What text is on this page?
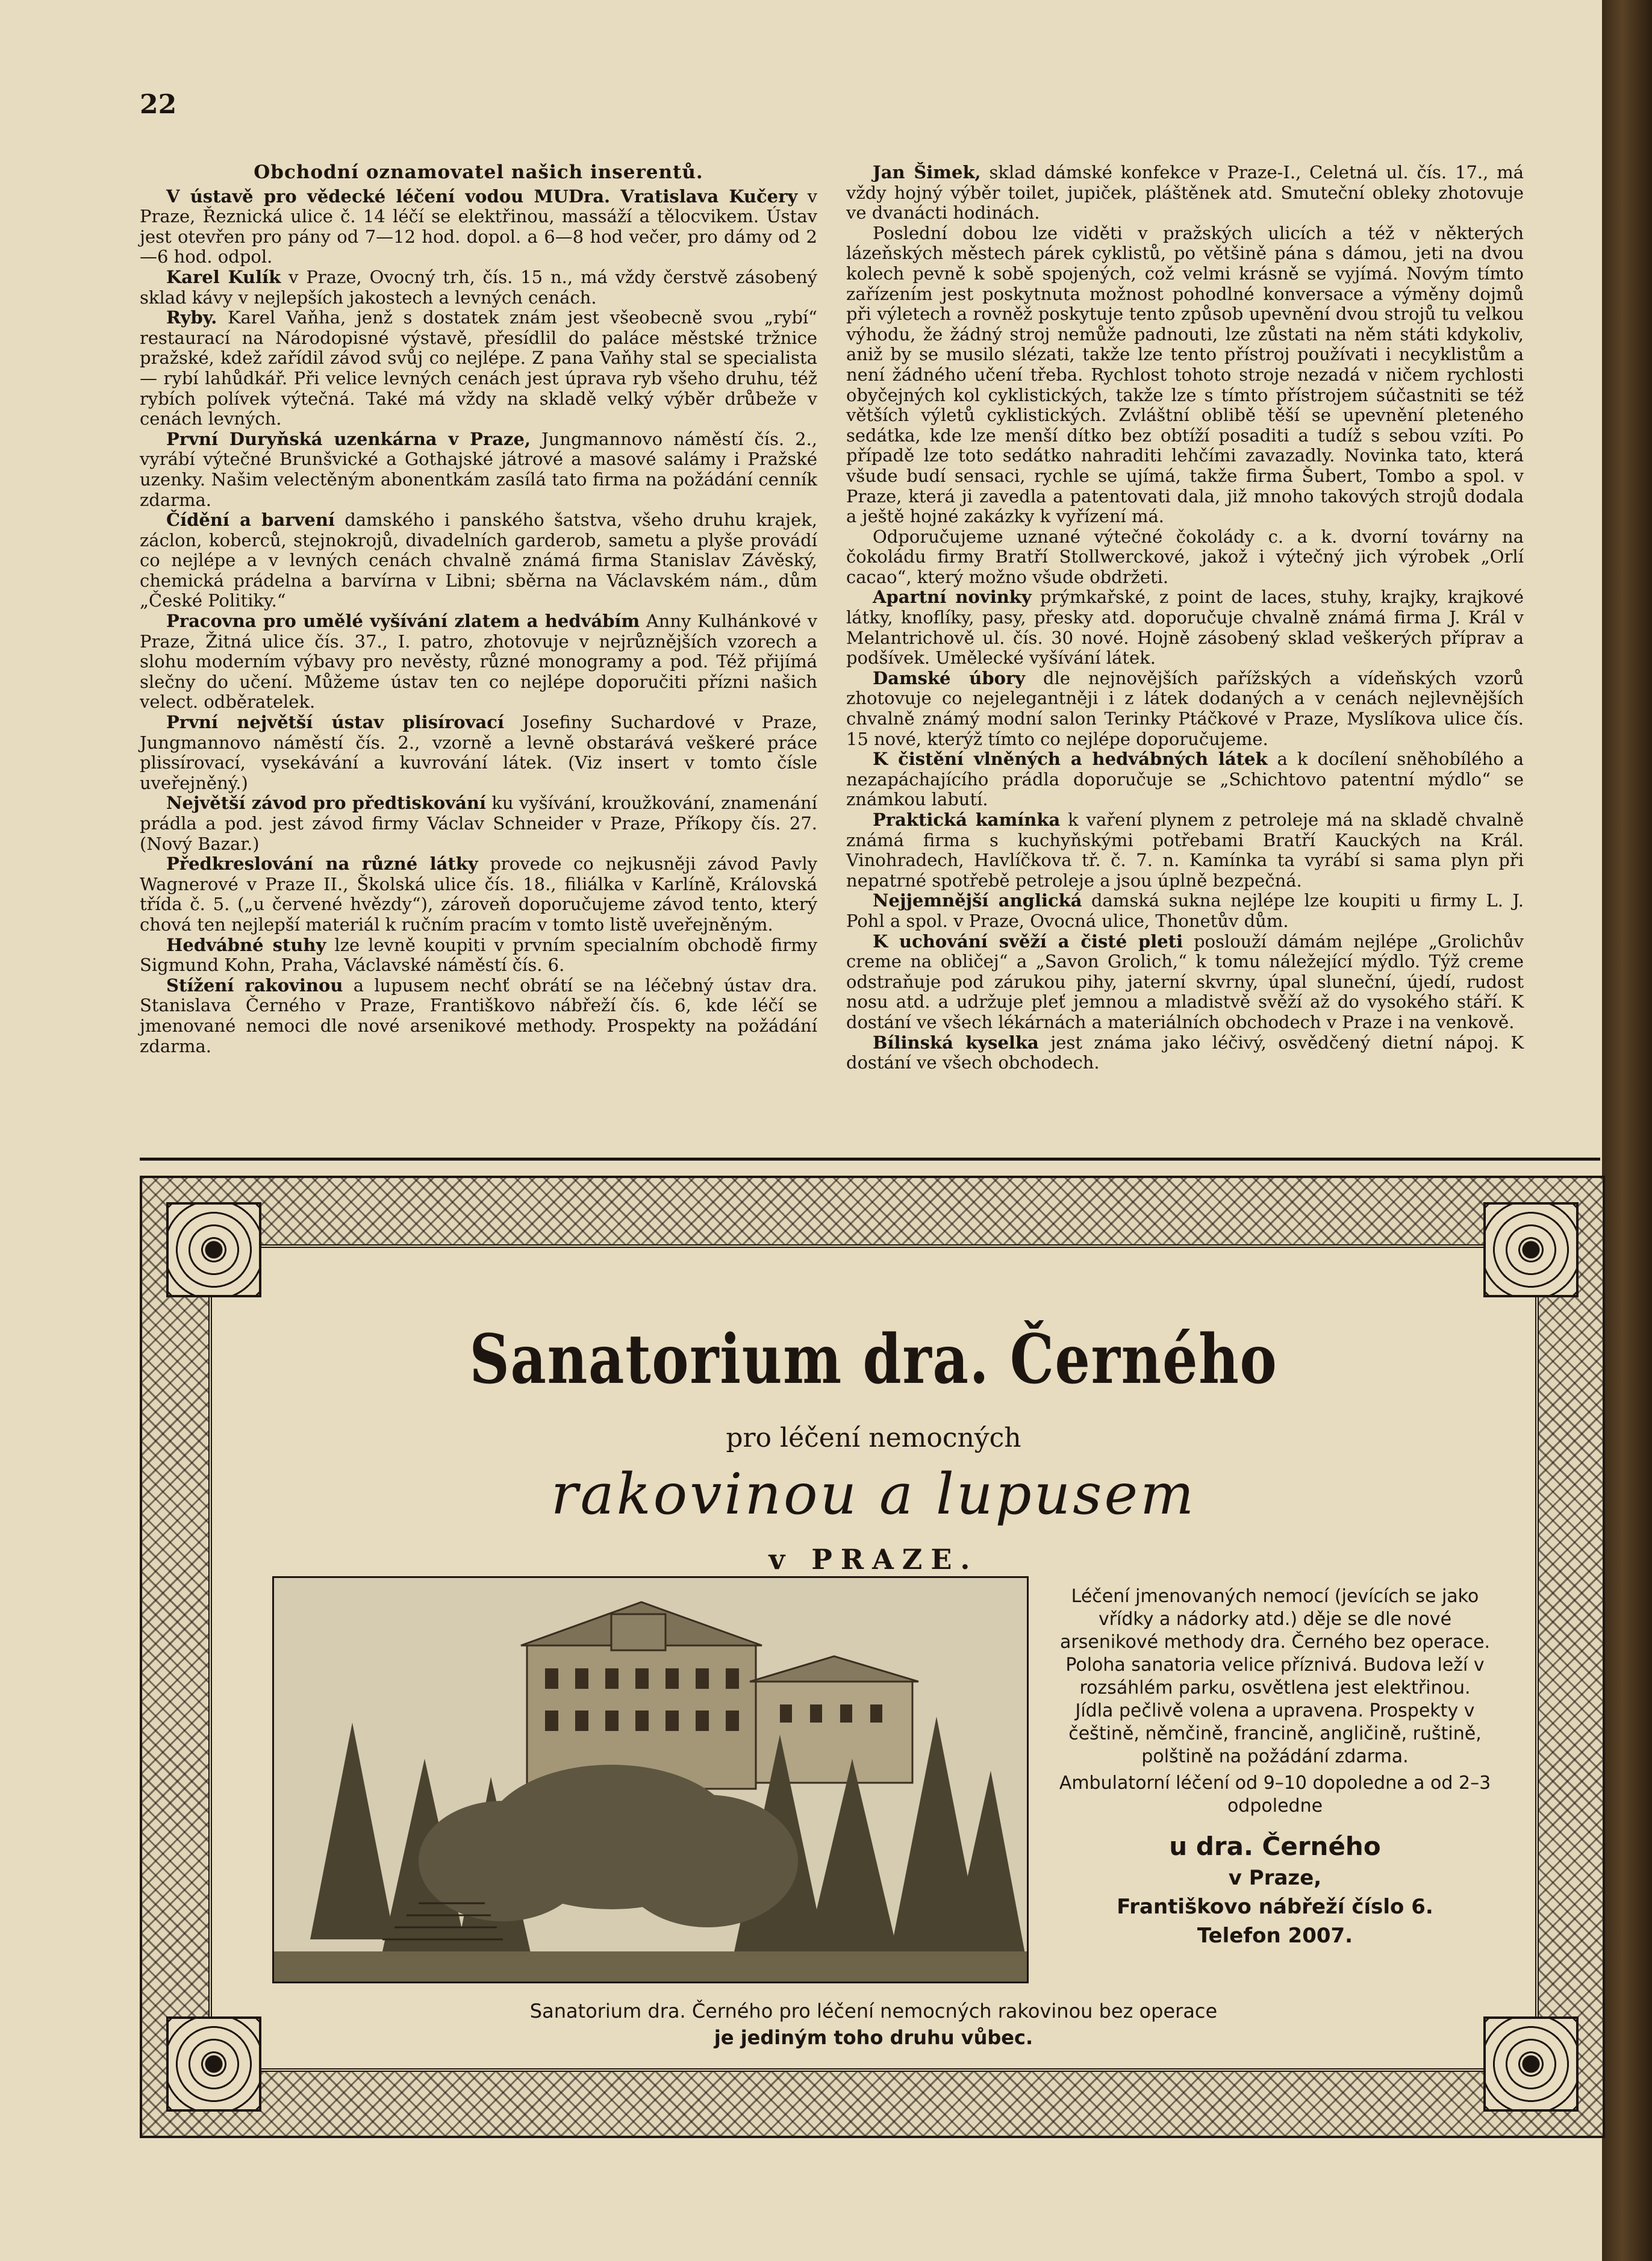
22
Obchodní oznamovatel našich inserentů.

V ústavě pro vědecké léčení vodou MUDra. Vratislava Kučery v Praze, Řeznická ulice č. 14 léčí se elektřinou, massáží a tělocvikem. Ústav jest otevřen pro pány od 7—12 hod. dopol. a 6—8 hod večer, pro dámy od 2—6 hod. odpol.

Karel Kulík v Praze, Ovocný trh, čís. 15 n., má vždy čerstvě zásobený sklad kávy v nejlepších jakostech a levných cenách.

Ryby. Karel Vaňha, jenž s dostatek znám jest všeobecně svou „rybí“ restaurací na Národopisné výstavě, přesídlil do paláce městské tržnice pražské, kdež zařídil závod svůj co nejlépe. Z pana Vaňhy stal se specialista — rybí lahůdkář. Při velice levných cenách jest úprava ryb všeho druhu, též rybích polívek výtečná. Také má vždy na skladě velký výběr drůbeže v cenách levných.

První Duryňská uzenkárna v Praze, Jungmannovo náměstí čís. 2., vyrábí výtečné Brunšvické a Gothajské játrové a masové salámy i Pražské uzenky. Našim velectěným abonentkám zasílá tato firma na požádání cenník zdarma.

Čídění a barvení damského i panského šatstva, všeho druhu krajek, záclon, koberců, stejnokrojů, divadelních garderob, sametu a plyše provádí co nejlépe a v levných cenách chvalně známá firma Stanislav Závěský, chemická prádelna a barvírna v Libni; sběrna na Václavském nám., dům „České Politiky.“

Pracovna pro umělé vyšívání zlatem a hedvábím Anny Kulhánkové v Praze, Žitná ulice čís. 37., I. patro, zhotovuje v nejrůznějších vzorech a slohu moderním výbavy pro nevěsty, různé monogramy a pod. Též přijímá slečny do učení. Můžeme ústav ten co nejlépe doporučiti přízni našich velect. odběratelek.

První největší ústav plisírovací Josefiny Suchardové v Praze, Jungmannovo náměstí čís. 2., vzorně a levně obstarává veškeré práce plissírovací, vysekávání a kuvrování látek. (Viz insert v tomto čísle uveřejněný.)

Největší závod pro předtiskování ku vyšívání, kroužkování, znamenání prádla a pod. jest závod firmy Václav Schneider v Praze, Příkopy čís. 27. (Nový Bazar.)

Předkreslování na různé látky provede co nejkusněji závod Pavly Wagnerové v Praze II., Školská ulice čís. 18., filiálka v Karlíně, Královská třída č. 5. („u červené hvězdy“), zároveň doporučujeme závod tento, který chová ten nejlepší materiál k ručním pracím v tomto listě uveřejněným.

Hedvábné stuhy lze levně koupiti v prvním specialním obchodě firmy Sigmund Kohn, Praha, Václavské náměstí čís. 6.

Stížení rakovinou a lupusem nechť obrátí se na léčebný ústav dra. Stanislava Černého v Praze, Františkovo nábřeží čís. 6, kde léčí se jmenované nemoci dle nové arsenikové methody. Prospekty na požádání zdarma.

Jan Šimek, sklad dámské konfekce v Praze-I., Celetná ul. čís. 17., má vždy hojný výběr toilet, jupiček, pláštěnek atd. Smuteční obleky zhotovuje ve dvanácti hodinách.

Poslední dobou lze viděti v pražských ulicích a též v některých lázeňských městech párek cyklistů, po většině pána s dámou, jeti na dvou kolech pevně k sobě spojených, což velmi krásně se vyjímá. Novým tímto zařízením jest poskytnuta možnost pohodlné konversace a výměny dojmů při výletech a rovněž poskytuje tento způsob upevnění dvou strojů tu velkou výhodu, že žádný stroj nemůže padnouti, lze zůstati na něm státi kdykoliv, aniž by se musilo slézati, takže lze tento přístroj používati i necyklistům a není žádného učení třeba. Rychlost tohoto stroje nezadá v ničem rychlosti obyčejných kol cyklistických, takže lze s tímto přístrojem súčastniti se též větších výletů cyklistických. Zvláštní oblibě těší se upevnění pleteného sedátka, kde lze menší dítko bez obtíží posaditi a tudíž s sebou vzíti. Po případě lze toto sedátko nahraditi lehčími zavazadly. Novinka tato, která všude budí sensaci, rychle se ujímá, takže firma Šubert, Tombo a spol. v Praze, která ji zavedla a patentovati dala, již mnoho takových strojů dodala a ještě hojné zakázky k vyřízení má.

Odporučujeme uznané výtečné čokolády c. a k. dvorní továrny na čokoládu firmy Bratří Stollwerckové, jakož i výtečný jich výrobek „Orlí cacao“, který možno všude obdržeti.

Apartní novinky prýmkařské, z point de laces, stuhy, krajky, krajkové látky, knoflíky, pasy, přesky atd. doporučuje chvalně známá firma J. Král v Melantrichově ul. čís. 30 nové. Hojně zásobený sklad veškerých příprav a podšívek. Umělecké vyšívání látek.

Damské úbory dle nejnovějších pařížských a vídeňských vzorů zhotovuje co nejelegantněji i z látek dodaných a v cenách nejlevnějších chvalně známý modní salon Terinky Ptáčkové v Praze, Myslíkova ulice čís. 15 nové, kterýž tímto co nejlépe doporučujeme.

K čistění vlněných a hedvábných látek a k docílení sněhobílého a nezapáchajícího prádla doporučuje se „Schichtovo patentní mýdlo“ se známkou labutí.

Praktická kamínka k vaření plynem z petroleje má na skladě chvalně známá firma s kuchyňskými potřebami Bratří Kauckých na Král. Vinohradech, Havlíčkova tř. č. 7. n. Kamínka ta vyrábí si sama plyn při nepatrné spotřebě petroleje a jsou úplně bezpečná.

Nejjemnější anglická damská sukna nejlépe lze koupiti u firmy L. J. Pohl a spol. v Praze, Ovocná ulice, Thonetův dům.

K uchování svěží a čisté pleti poslouží dámám nejlépe „Grolichův creme na obličej“ a „Savon Grolich,“ k tomu náležející mýdlo. Týž creme odstraňuje pod zárukou pihy, jaterní skvrny, úpal sluneční, újedí, rudost nosu atd. a udržuje pleť jemnou a mladistvě svěží až do vysokého stáří. K dostání ve všech lékárnách a materiálních obchodech v Praze i na venkově.

Bílinská kyselka jest známa jako léčivý, osvědčený dietní nápoj. K dostání ve všech obchodech.

Sanatorium dra. Černého
pro léčení nemocných
rakovinou a lupusem
v PRAZE.
Léčení jmenovaných nemocí (jevících se jako vřídky a nádorky atd.) děje se dle nové arsenikové methody dra. Černého bez operace. Poloha sanatoria velice příznivá. Budova leží v rozsáhlém parku, osvětlena jest elektřinou. Jídla pečlivě volena a upravena. Prospekty v češtině, němčině, francině, angličině, ruštině, polštině na požádání zdarma.
Ambulatorní léčení od 9–10 dopoledne a od 2–3 odpoledne
u dra. Černého
v Praze,
Františkovo nábřeží číslo 6.
Telefon 2007.
Sanatorium dra. Černého pro léčení nemocných rakovinou bez operace
je jediným toho druhu vůbec.
